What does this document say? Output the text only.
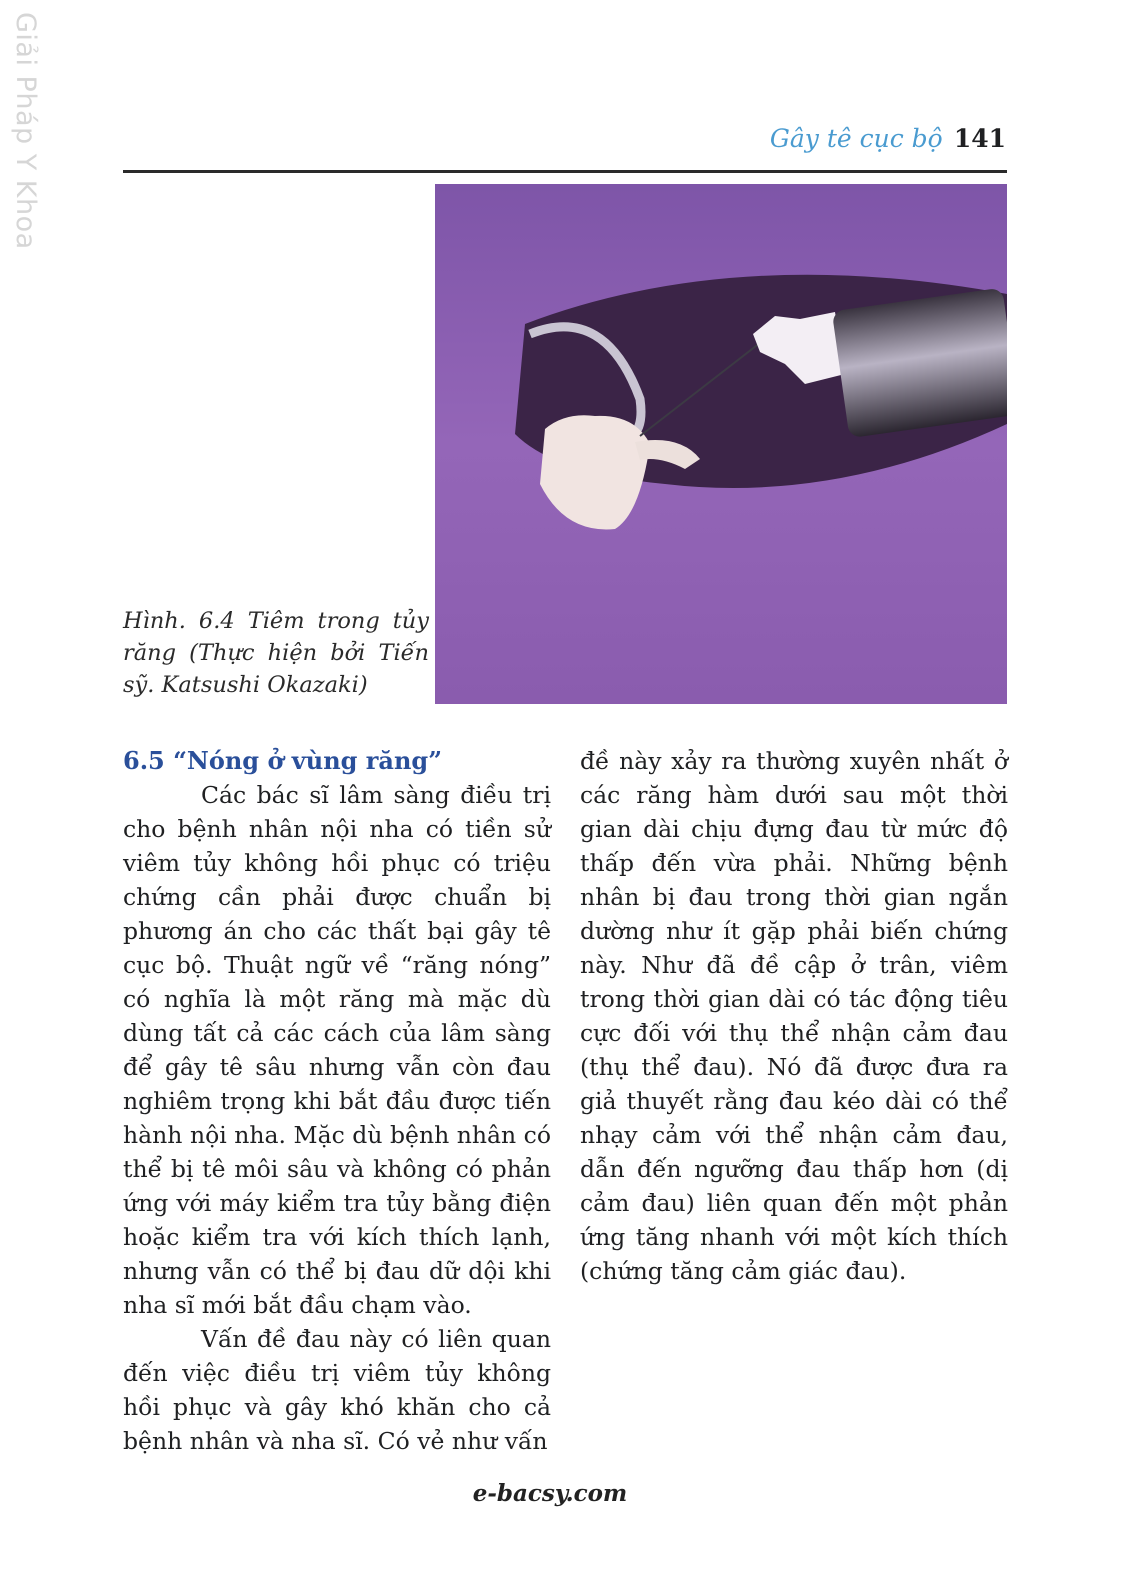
Giải Pháp Y Khoa	Gây tê cục bộ 141
Hình. 6.4 Tiêm trong tủy răng (Thực hiện bởi Tiến sỹ. Katsushi Okazaki)
6.5 “Nóng ở vùng răng”

Các bác sĩ lâm sàng điều trị cho bệnh nhân nội nha có tiền sử viêm tủy không hồi phục có triệu chứng cần phải được chuẩn bị phương án cho các thất bại gây tê cục bộ. Thuật ngữ về “răng nóng” có nghĩa là một răng mà mặc dù dùng tất cả các cách của lâm sàng để gây tê sâu nhưng vẫn còn đau nghiêm trọng khi bắt đầu được tiến hành nội nha. Mặc dù bệnh nhân có thể bị tê môi sâu và không có phản ứng với máy kiểm tra tủy bằng điện hoặc kiểm tra với kích thích lạnh, nhưng vẫn có thể bị đau dữ dội khi nha sĩ mới bắt đầu chạm vào.

Vấn đề đau này có liên quan đến việc điều trị viêm tủy không hồi phục và gây khó khăn cho cả bệnh nhân và nha sĩ. Có vẻ như vấn

đề này xảy ra thường xuyên nhất ở các răng hàm dưới sau một thời gian dài chịu đựng đau từ mức độ thấp đến vừa phải. Những bệnh nhân bị đau trong thời gian ngắn dường như ít gặp phải biến chứng này. Như đã đề cập ở trân, viêm trong thời gian dài có tác động tiêu cực đối với thụ thể nhận cảm đau (thụ thể đau). Nó đã được đưa ra giả thuyết rằng đau kéo dài có thể nhạy cảm với thể nhận cảm đau, dẫn đến ngưỡng đau thấp hơn (dị cảm đau) liên quan đến một phản ứng tăng nhanh với một kích thích (chứng tăng cảm giác đau).

e-bacsy.com
